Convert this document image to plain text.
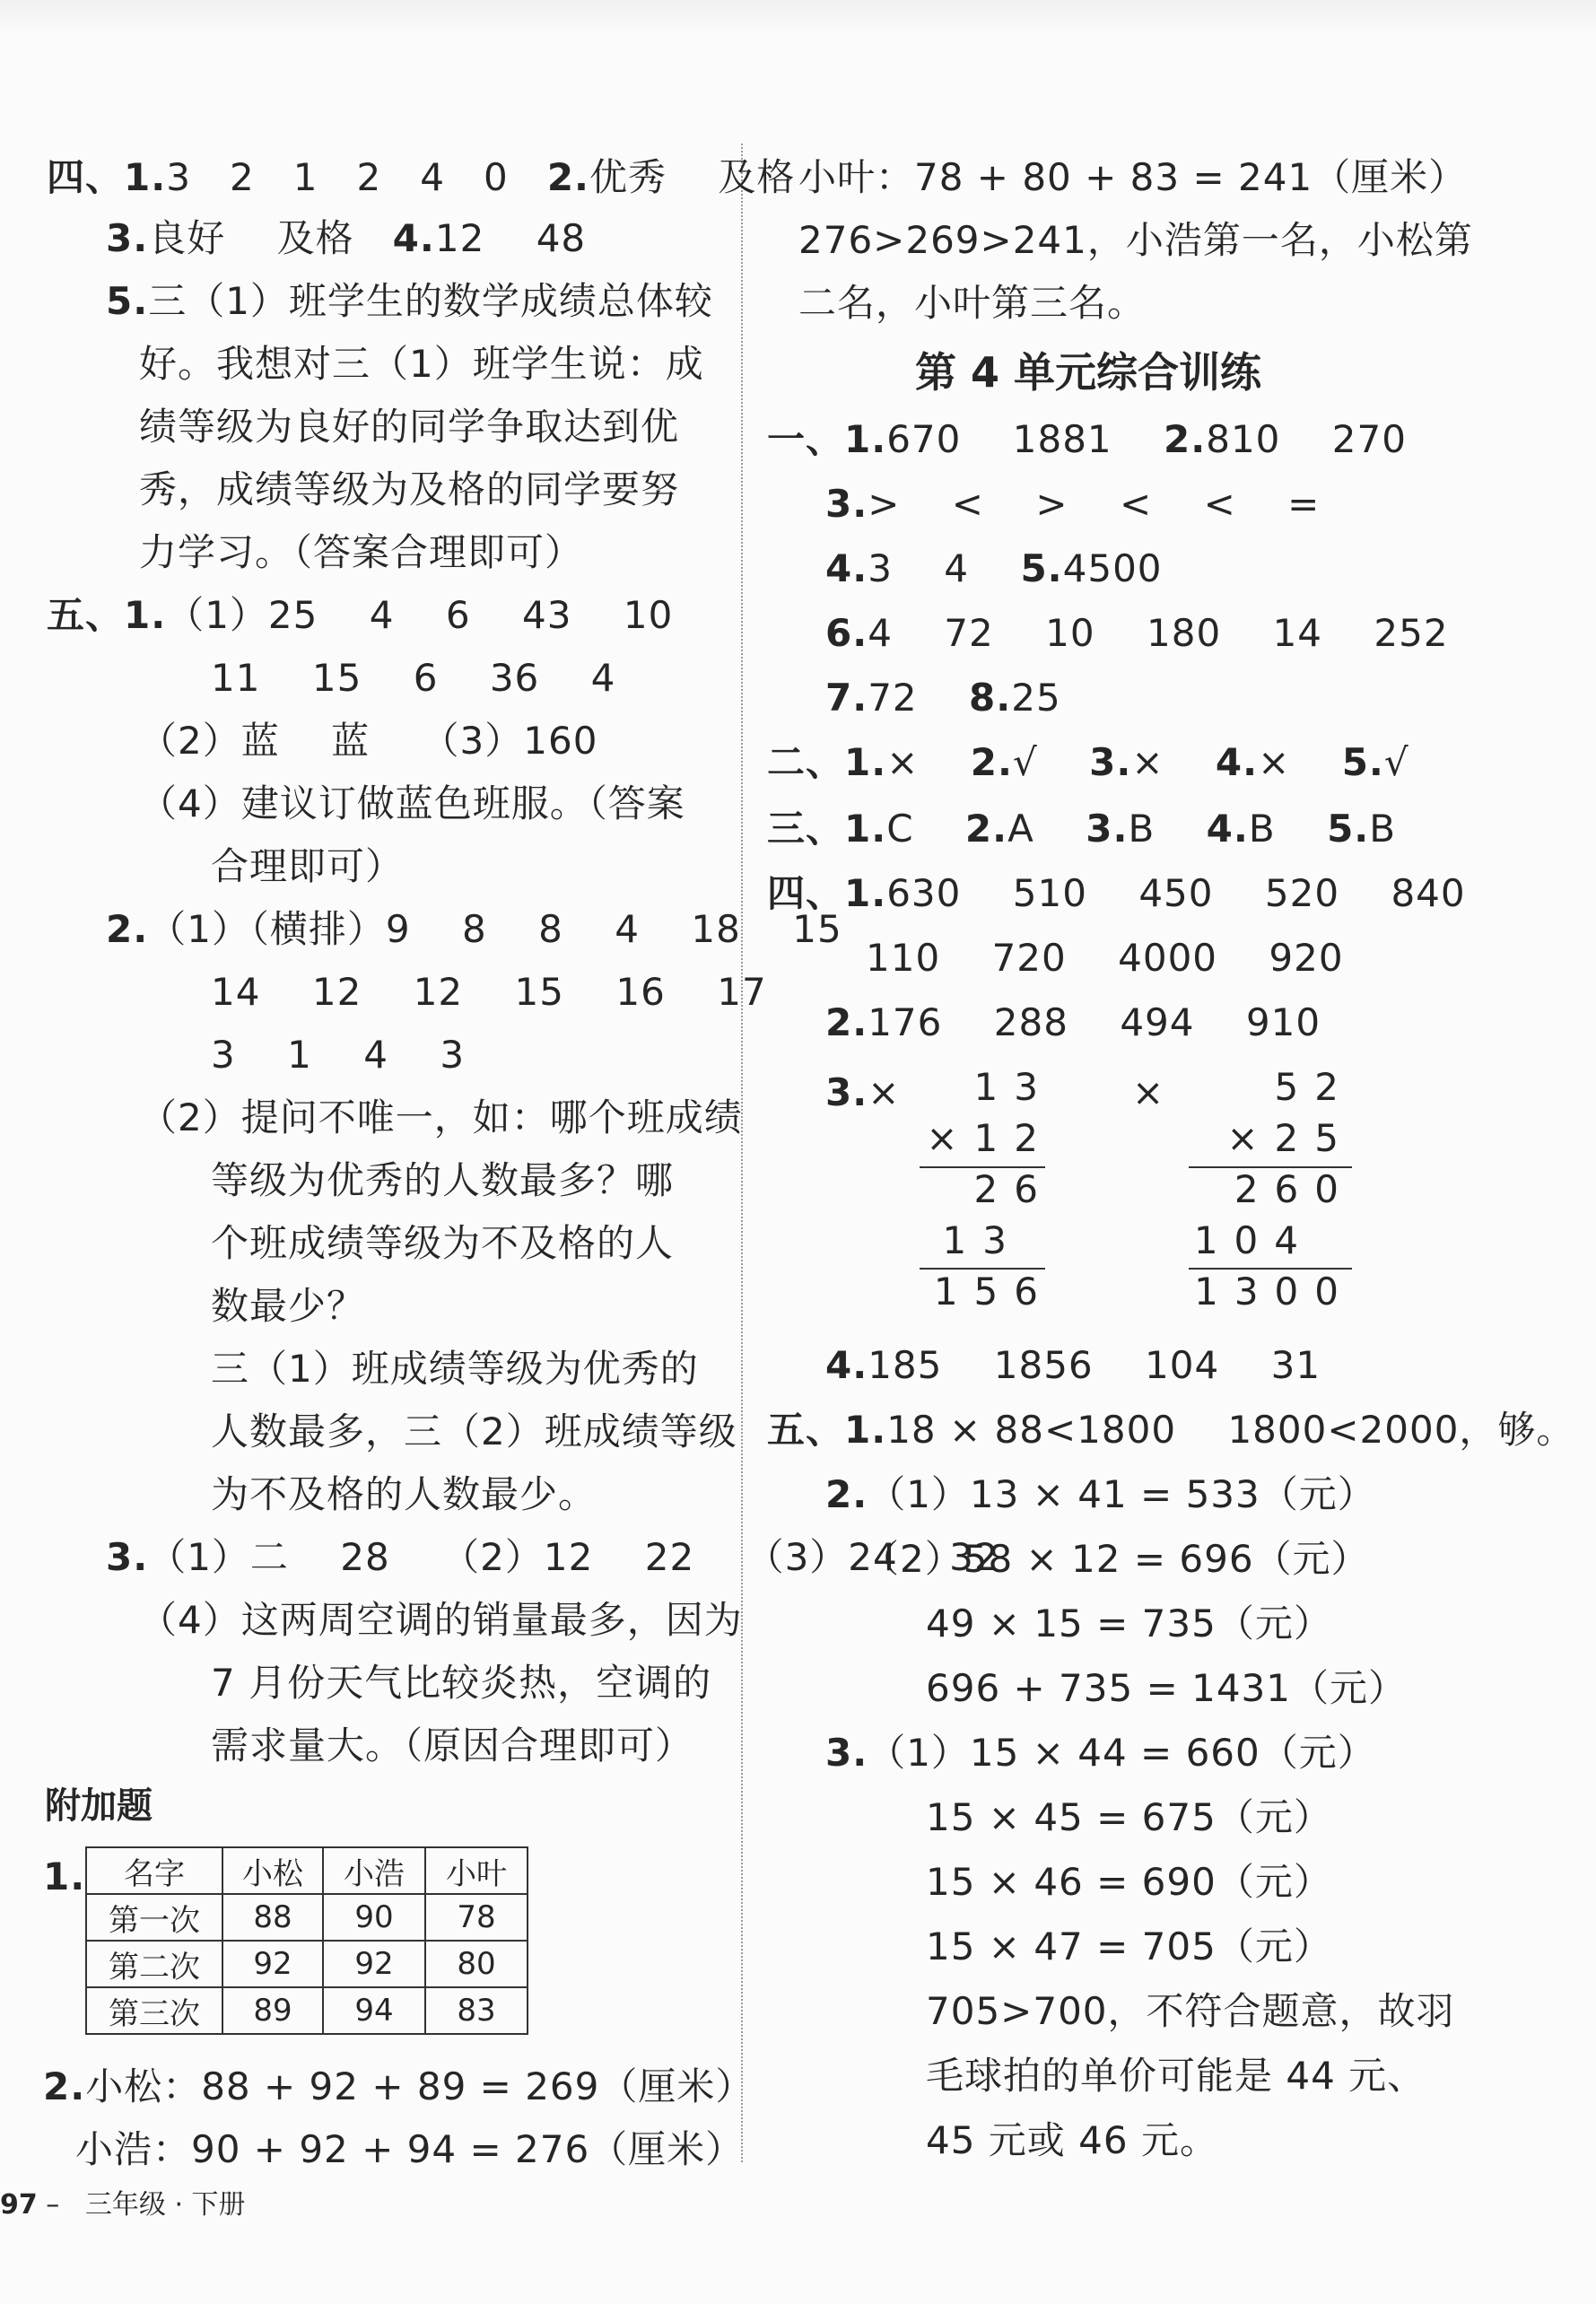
四、1.3   2   1   2   4   0   2.优秀    及格
3.良好    及格   4.12    48
5.三（1）班学生的数学成绩总体较
好。我想对三（1）班学生说：成
绩等级为良好的同学争取达到优
秀，成绩等级为及格的同学要努
力学习。（答案合理即可）
五、1.（1）25    4    6    43    10
11    15    6    36    4
（2）蓝    蓝    （3）160
（4）建议订做蓝色班服。（答案
合理即可）
2.（1）（横排）9    8    8    4    18    15
14    12    12    15    16    17
3    1    4    3
（2）提问不唯一，如：哪个班成绩
等级为优秀的人数最多？哪
个班成绩等级为不及格的人
数最少？
三（1）班成绩等级为优秀的
人数最多，三（2）班成绩等级
为不及格的人数最少。
3.（1）二    28    （2）12    22    （3）24    32
（4）这两周空调的销量最多，因为
7 月份天气比较炎热，空调的
需求量大。（原因合理即可）
附加题
1. 名字	小松	小浩	小叶
第一次	88	90	78
第二次	92	92	80
第三次	89	94	83
2.小松：88 + 92 + 89 = 269（厘米）
小浩：90 + 92 + 94 = 276（厘米）
小叶：78 + 80 + 83 = 241（厘米）
276>269>241，小浩第一名，小松第
二名，小叶第三名。
第 4 单元综合训练
一、1.670    1881    2.810    270
3.>    <    >    <    <    =
4.3    4    5.4500
6.4    72    10    180    14    252
7.72    8.25
二、1.×    2.√    3.×    4.×    5.√
三、1.C    2.A    3.B    4.B    5.B
四、1.630    510    450    520    840
110    720    4000    920
2.176    288    494    910
3.×	×
13
×12
26
13
156
52
×25
260
104
1300
4.185    1856    104    31
五、1.18 × 88<1800    1800<2000，够。
2.（1）13 × 41 = 533（元）
（2）58 × 12 = 696（元）
49 × 15 = 735（元）
696 + 735 = 1431（元）
3.（1）15 × 44 = 660（元）
15 × 45 = 675（元）
15 × 46 = 690（元）
15 × 47 = 705（元）
705>700，不符合题意，故羽
毛球拍的单价可能是 44 元、
45 元或 46 元。
97 – 三年级 · 下册
